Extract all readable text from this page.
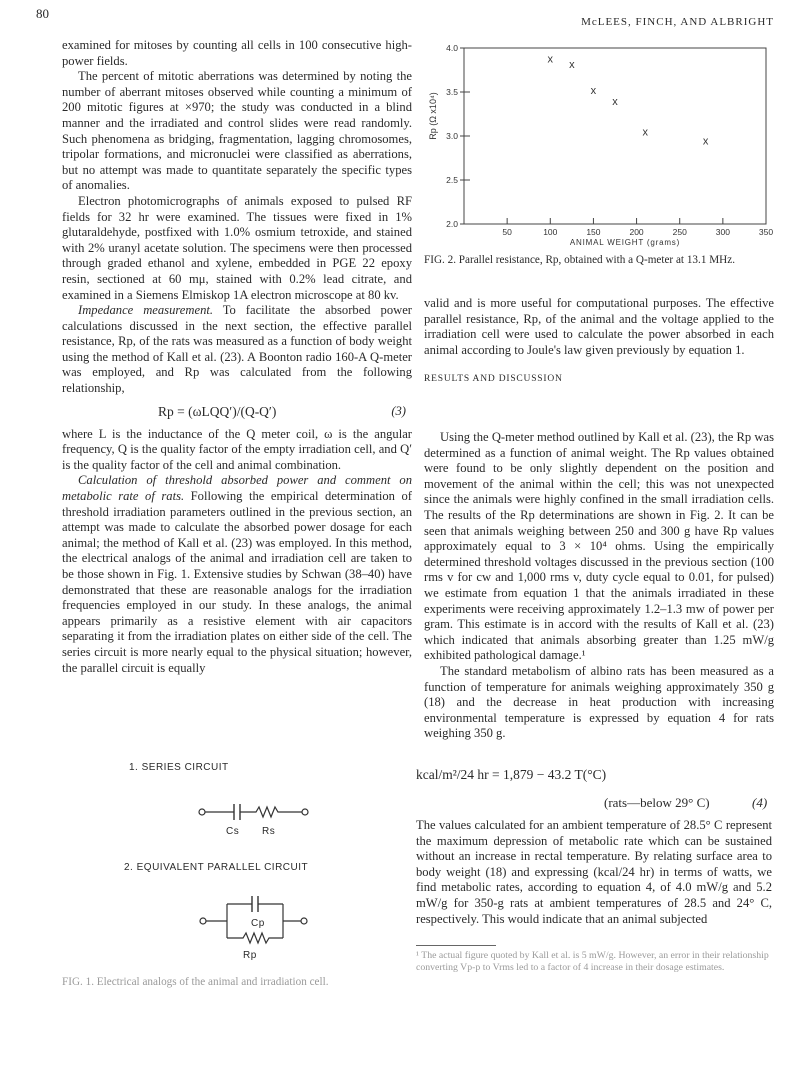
80
McLEES, FINCH, AND ALBRIGHT

examined for mitoses by counting all cells in 100 consecutive high-power fields.

The percent of mitotic aberrations was determined by noting the number of aberrant mitoses observed while counting a minimum of 200 mitotic figures at ×970; the study was conducted in a blind manner and the irradiated and control slides were read randomly. Such phenomena as bridging, fragmentation, lagging chromosomes, tripolar formations, and micronuclei were classified as aberrations, but no attempt was made to quantitate separately the specific types of anomalies.

Electron photomicrographs of animals exposed to pulsed RF fields for 32 hr were examined. The tissues were fixed in 1% glutaraldehyde, postfixed with 1.0% osmium tetroxide, and stained with 2% uranyl acetate solution. The specimens were then processed through graded ethanol and xylene, embedded in PGE 22 epoxy resin, sectioned at 60 mμ, stained with 0.2% lead citrate, and examined in a Siemens Elmiskop 1A electron microscope at 80 kv.

Impedance measurement. To facilitate the absorbed power calculations discussed in the next section, the effective parallel resistance, Rp, of the rats was measured as a function of body weight using the method of Kall et al. (23). A Boonton radio 160-A Q-meter was employed, and Rp was calculated from the following relationship,

Rp = (ωLQQ′)/(Q-Q′)	(3)

where L is the inductance of the Q meter coil, ω is the angular frequency, Q is the quality factor of the empty irradiation cell, and Q′ is the quality factor of the cell and animal combination.

Calculation of threshold absorbed power and comment on metabolic rate of rats. Following the empirical determination of threshold irradiation parameters outlined in the previous section, an attempt was made to calculate the absorbed power dosage for each animal; the method of Kall et al. (23) was employed. In this method, the electrical analogs of the animal and irradiation cell are taken to be those shown in Fig. 1. Extensive studies by Schwan (38–40) have demonstrated that these are reasonable analogs for the irradiation frequencies employed in our study. In these analogs, the animal appears primarily as a resistive element with air capacitors separating it from the irradiation plates on either side of the cell. The series circuit is more nearly equal to the physical situation; however, the parallel circuit is equally

1. SERIES CIRCUIT
Cs Rs
2. EQUIVALENT PARALLEL CIRCUIT
Cp
Rp
FIG. 1. Electrical analogs of the animal and irradiation cell.
2.0
2.5
3.0
3.5
4.0
50	100	150	200	250	300	350
ANIMAL WEIGHT (grams)
Rp (Ω x10⁴)
x x
x
x
x
x
FIG. 2. Parallel resistance, Rp, obtained with a Q-meter at 13.1 MHz.

valid and is more useful for computational purposes. The effective parallel resistance, Rp, of the animal and the voltage applied to the irradiation cell were used to calculate the power absorbed in each animal according to Joule's law given previously by equation 1.

RESULTS AND DISCUSSION

Using the Q-meter method outlined by Kall et al. (23), the Rp was determined as a function of animal weight. The Rp values obtained were found to be only slightly dependent on the position and movement of the animal within the cell; this was not unexpected since the animals were highly confined in the small irradiation cells. The results of the Rp determinations are shown in Fig. 2. It can be seen that animals weighing between 250 and 300 g have Rp values approximately equal to 3 × 10⁴ ohms. Using the empirically determined threshold voltages discussed in the previous section (100 rms v for cw and 1,000 rms v, duty cycle equal to 0.01, for pulsed) we estimate from equation 1 that the animals irradiated in these experiments were receiving approximately 1.2–1.3 mw of power per gram. This estimate is in accord with the results of Kall et al. (23) which indicated that animals absorbing greater than 1.25 mW/g exhibited pathological damage.¹

The standard metabolism of albino rats has been measured as a function of temperature for animals weighing approximately 350 g (18) and the decrease in heat production with increasing environmental temperature is expressed by equation 4 for rats weighing 350 g.

kcal/m²/24 hr = 1,879 − 43.2 T(°C)
(rats—below 29° C)	(4)

The values calculated for an ambient temperature of 28.5° C represent the maximum depression of metabolic rate which can be sustained without an increase in rectal temperature. By relating surface area to body weight (18) and expressing (kcal/24 hr) in terms of watts, we find metabolic rates, according to equation 4, of 4.0 mW/g and 5.2 mW/g for 350-g rats at ambient temperatures of 28.5 and 24° C, respectively. This would indicate that an animal subjected

¹ The actual figure quoted by Kall et al. is 5 mW/g. However, an error in their relationship converting Vp-p to Vrms led to a factor of 4 increase in their dosage estimates.
